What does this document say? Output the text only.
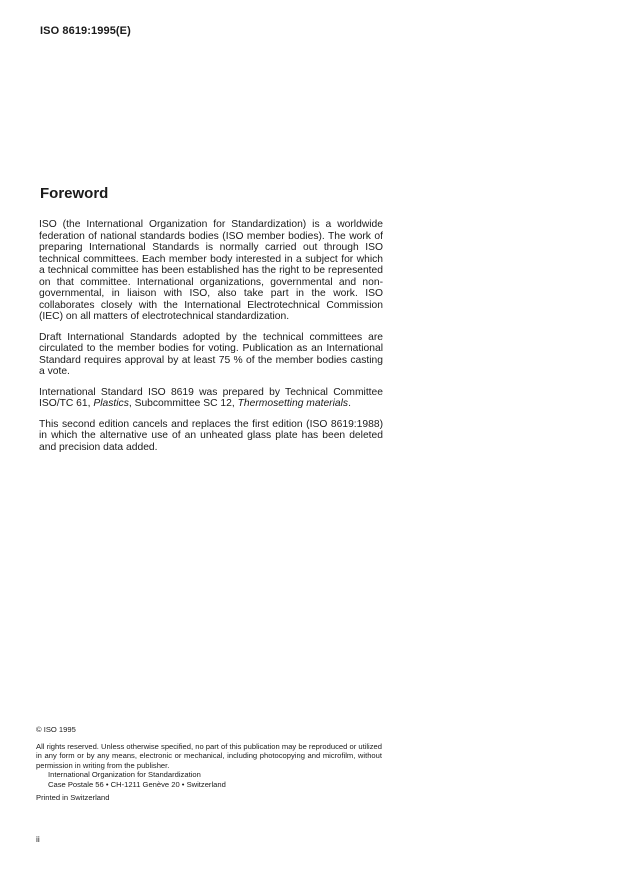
ISO 8619:1995(E)
Foreword

ISO (the International Organization for Standardization) is a worldwide federation of national standards bodies (ISO member bodies). The work of preparing International Standards is normally carried out through ISO technical committees. Each member body interested in a subject for which a technical committee has been established has the right to be represented on that committee. International organizations, governmental and non-governmental, in liaison with ISO, also take part in the work. ISO collaborates closely with the International Electrotechnical Commission (IEC) on all matters of electrotechnical standardization.

Draft International Standards adopted by the technical committees are circulated to the member bodies for voting. Publication as an International Standard requires approval by at least 75 % of the member bodies casting a vote.

International Standard ISO 8619 was prepared by Technical Committee ISO/TC 61, Plastics, Subcommittee SC 12, Thermosetting materials.

This second edition cancels and replaces the first edition (ISO 8619:1988) in which the alternative use of an unheated glass plate has been deleted and precision data added.

© ISO 1995
All rights reserved. Unless otherwise specified, no part of this publication may be reproduced or utilized in any form or by any means, electronic or mechanical, including photocopying and microfilm, without permission in writing from the publisher.
International Organization for Standardization
Case Postale 56 • CH-1211 Genève 20 • Switzerland
Printed in Switzerland
ii
